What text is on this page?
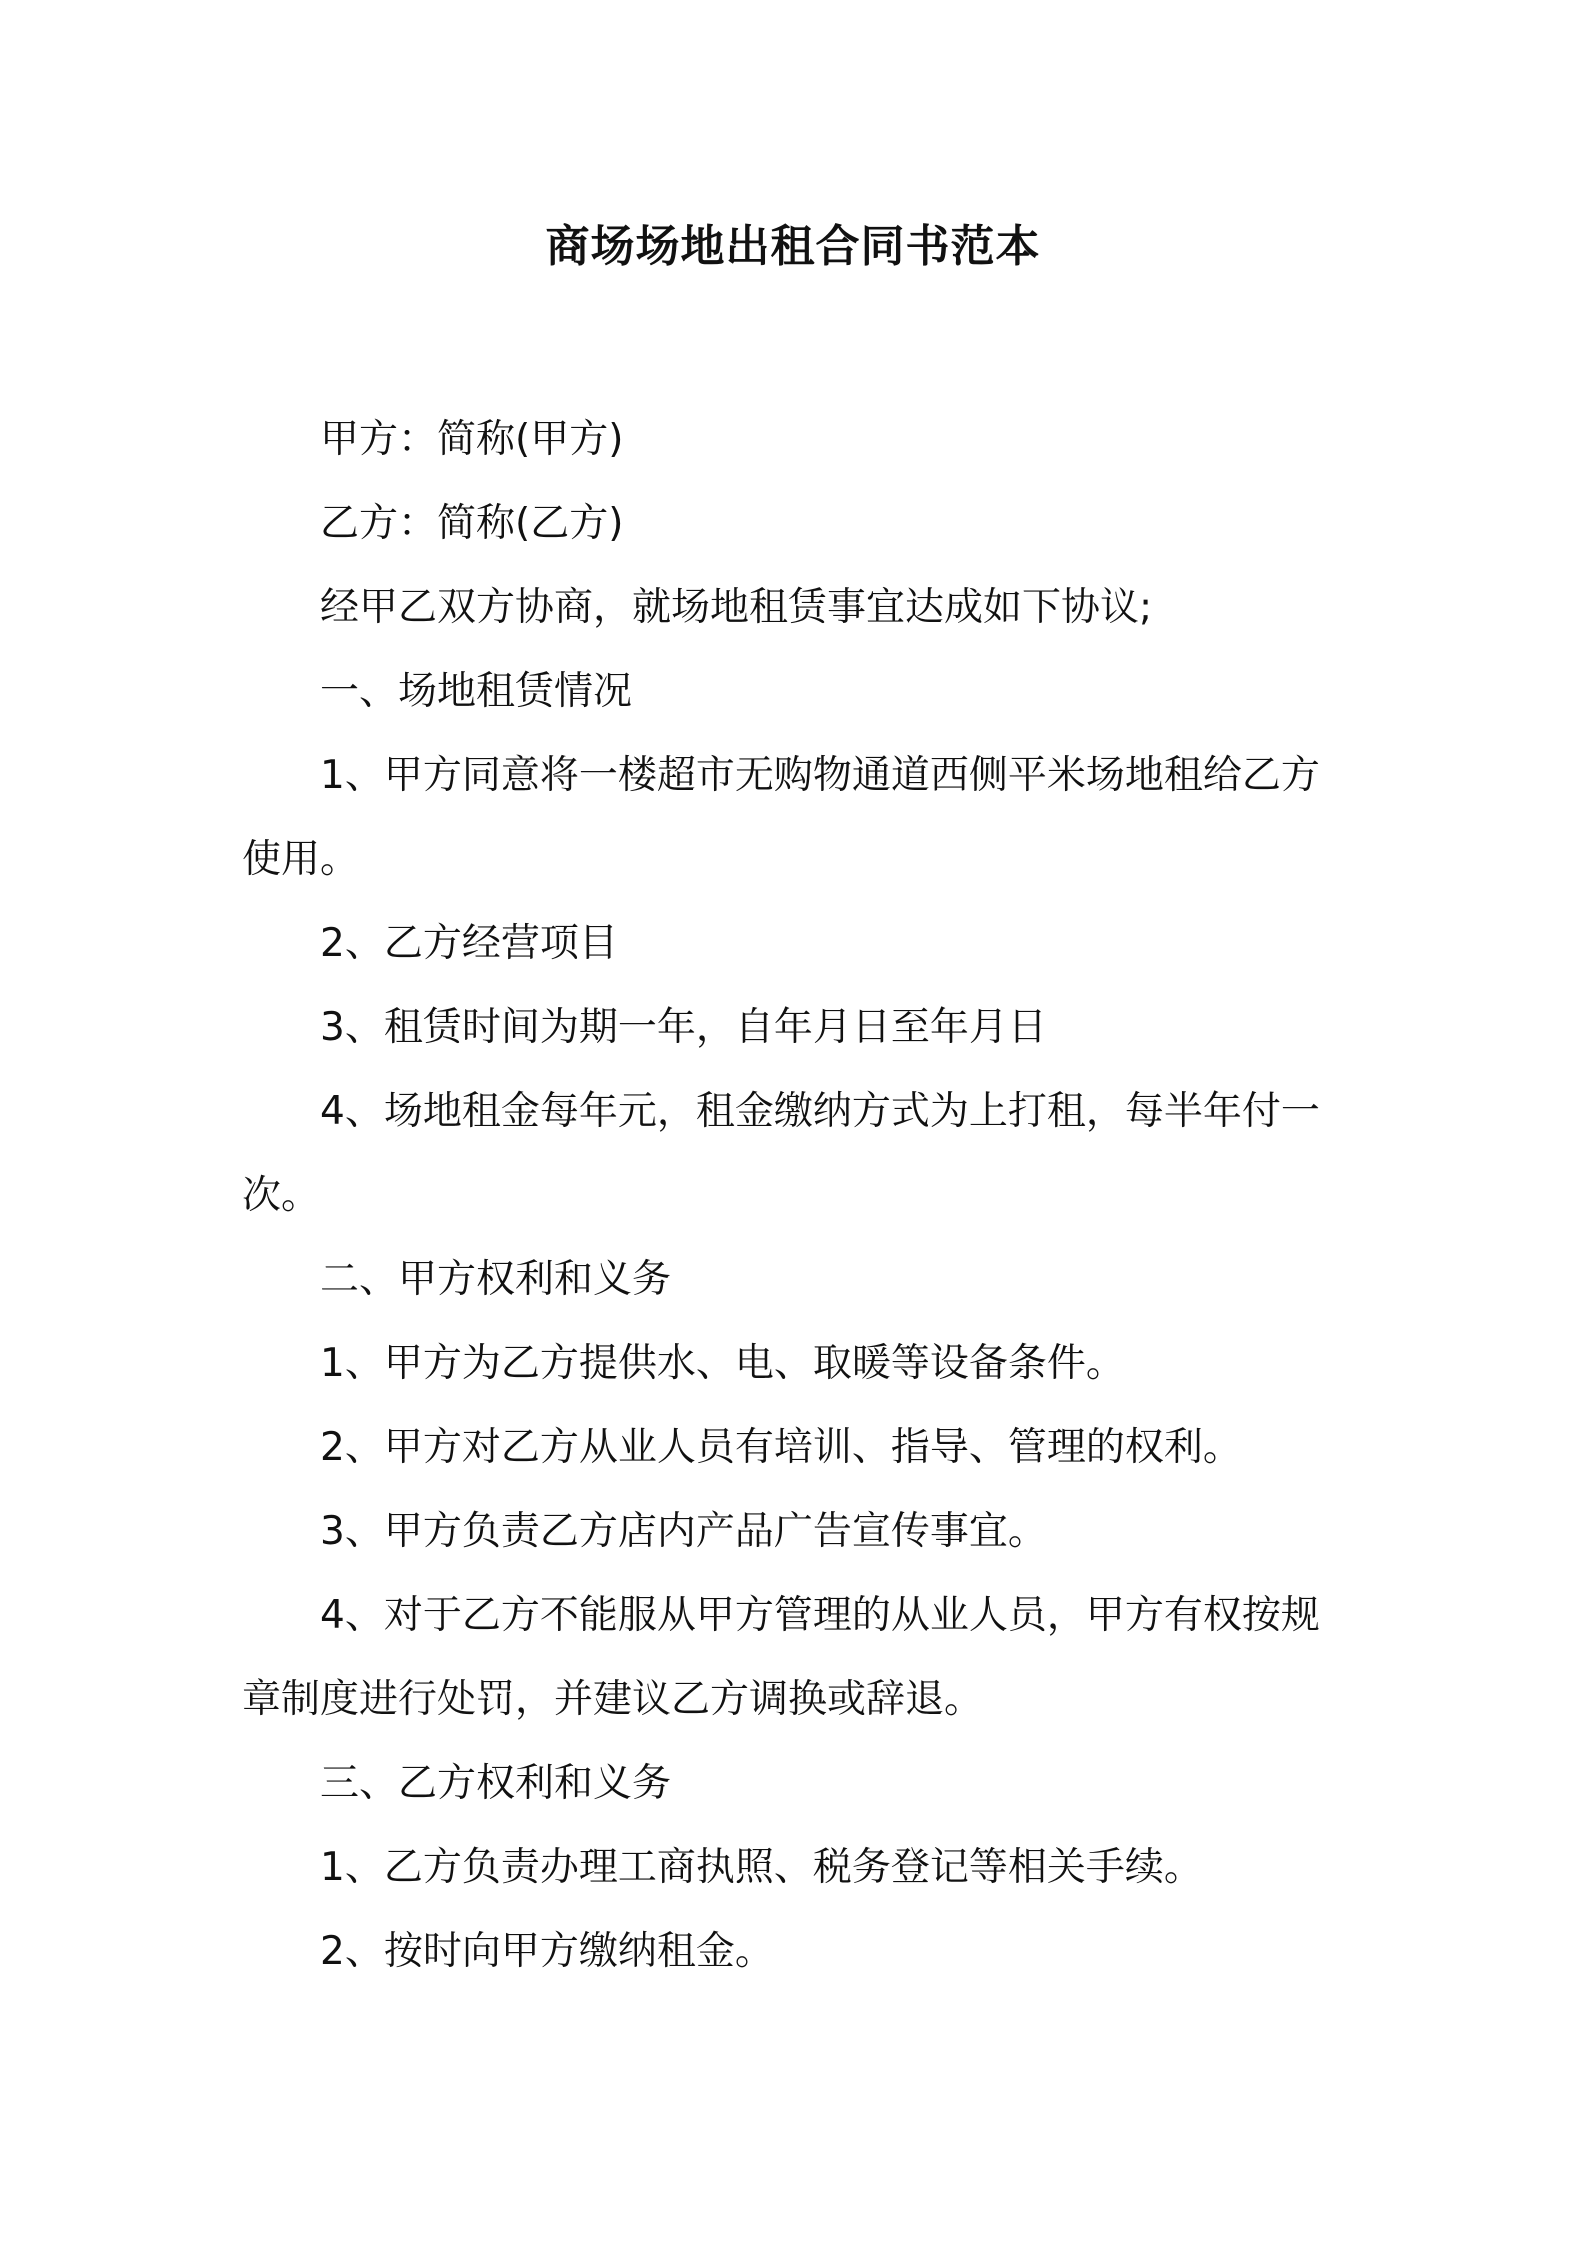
商场场地出租合同书范本

甲方：简称(甲方)

乙方：简称(乙方)

经甲乙双方协商，就场地租赁事宜达成如下协议;

一、场地租赁情况

1、甲方同意将一楼超市无购物通道西侧平米场地租给乙方使用。

2、乙方经营项目

3、租赁时间为期一年，自年月日至年月日

4、场地租金每年元，租金缴纳方式为上打租，每半年付一次。

二、甲方权利和义务

1、甲方为乙方提供水、电、取暖等设备条件。

2、甲方对乙方从业人员有培训、指导、管理的权利。

3、甲方负责乙方店内产品广告宣传事宜。

4、对于乙方不能服从甲方管理的从业人员，甲方有权按规章制度进行处罚，并建议乙方调换或辞退。

三、乙方权利和义务

1、乙方负责办理工商执照、税务登记等相关手续。

2、按时向甲方缴纳租金。
